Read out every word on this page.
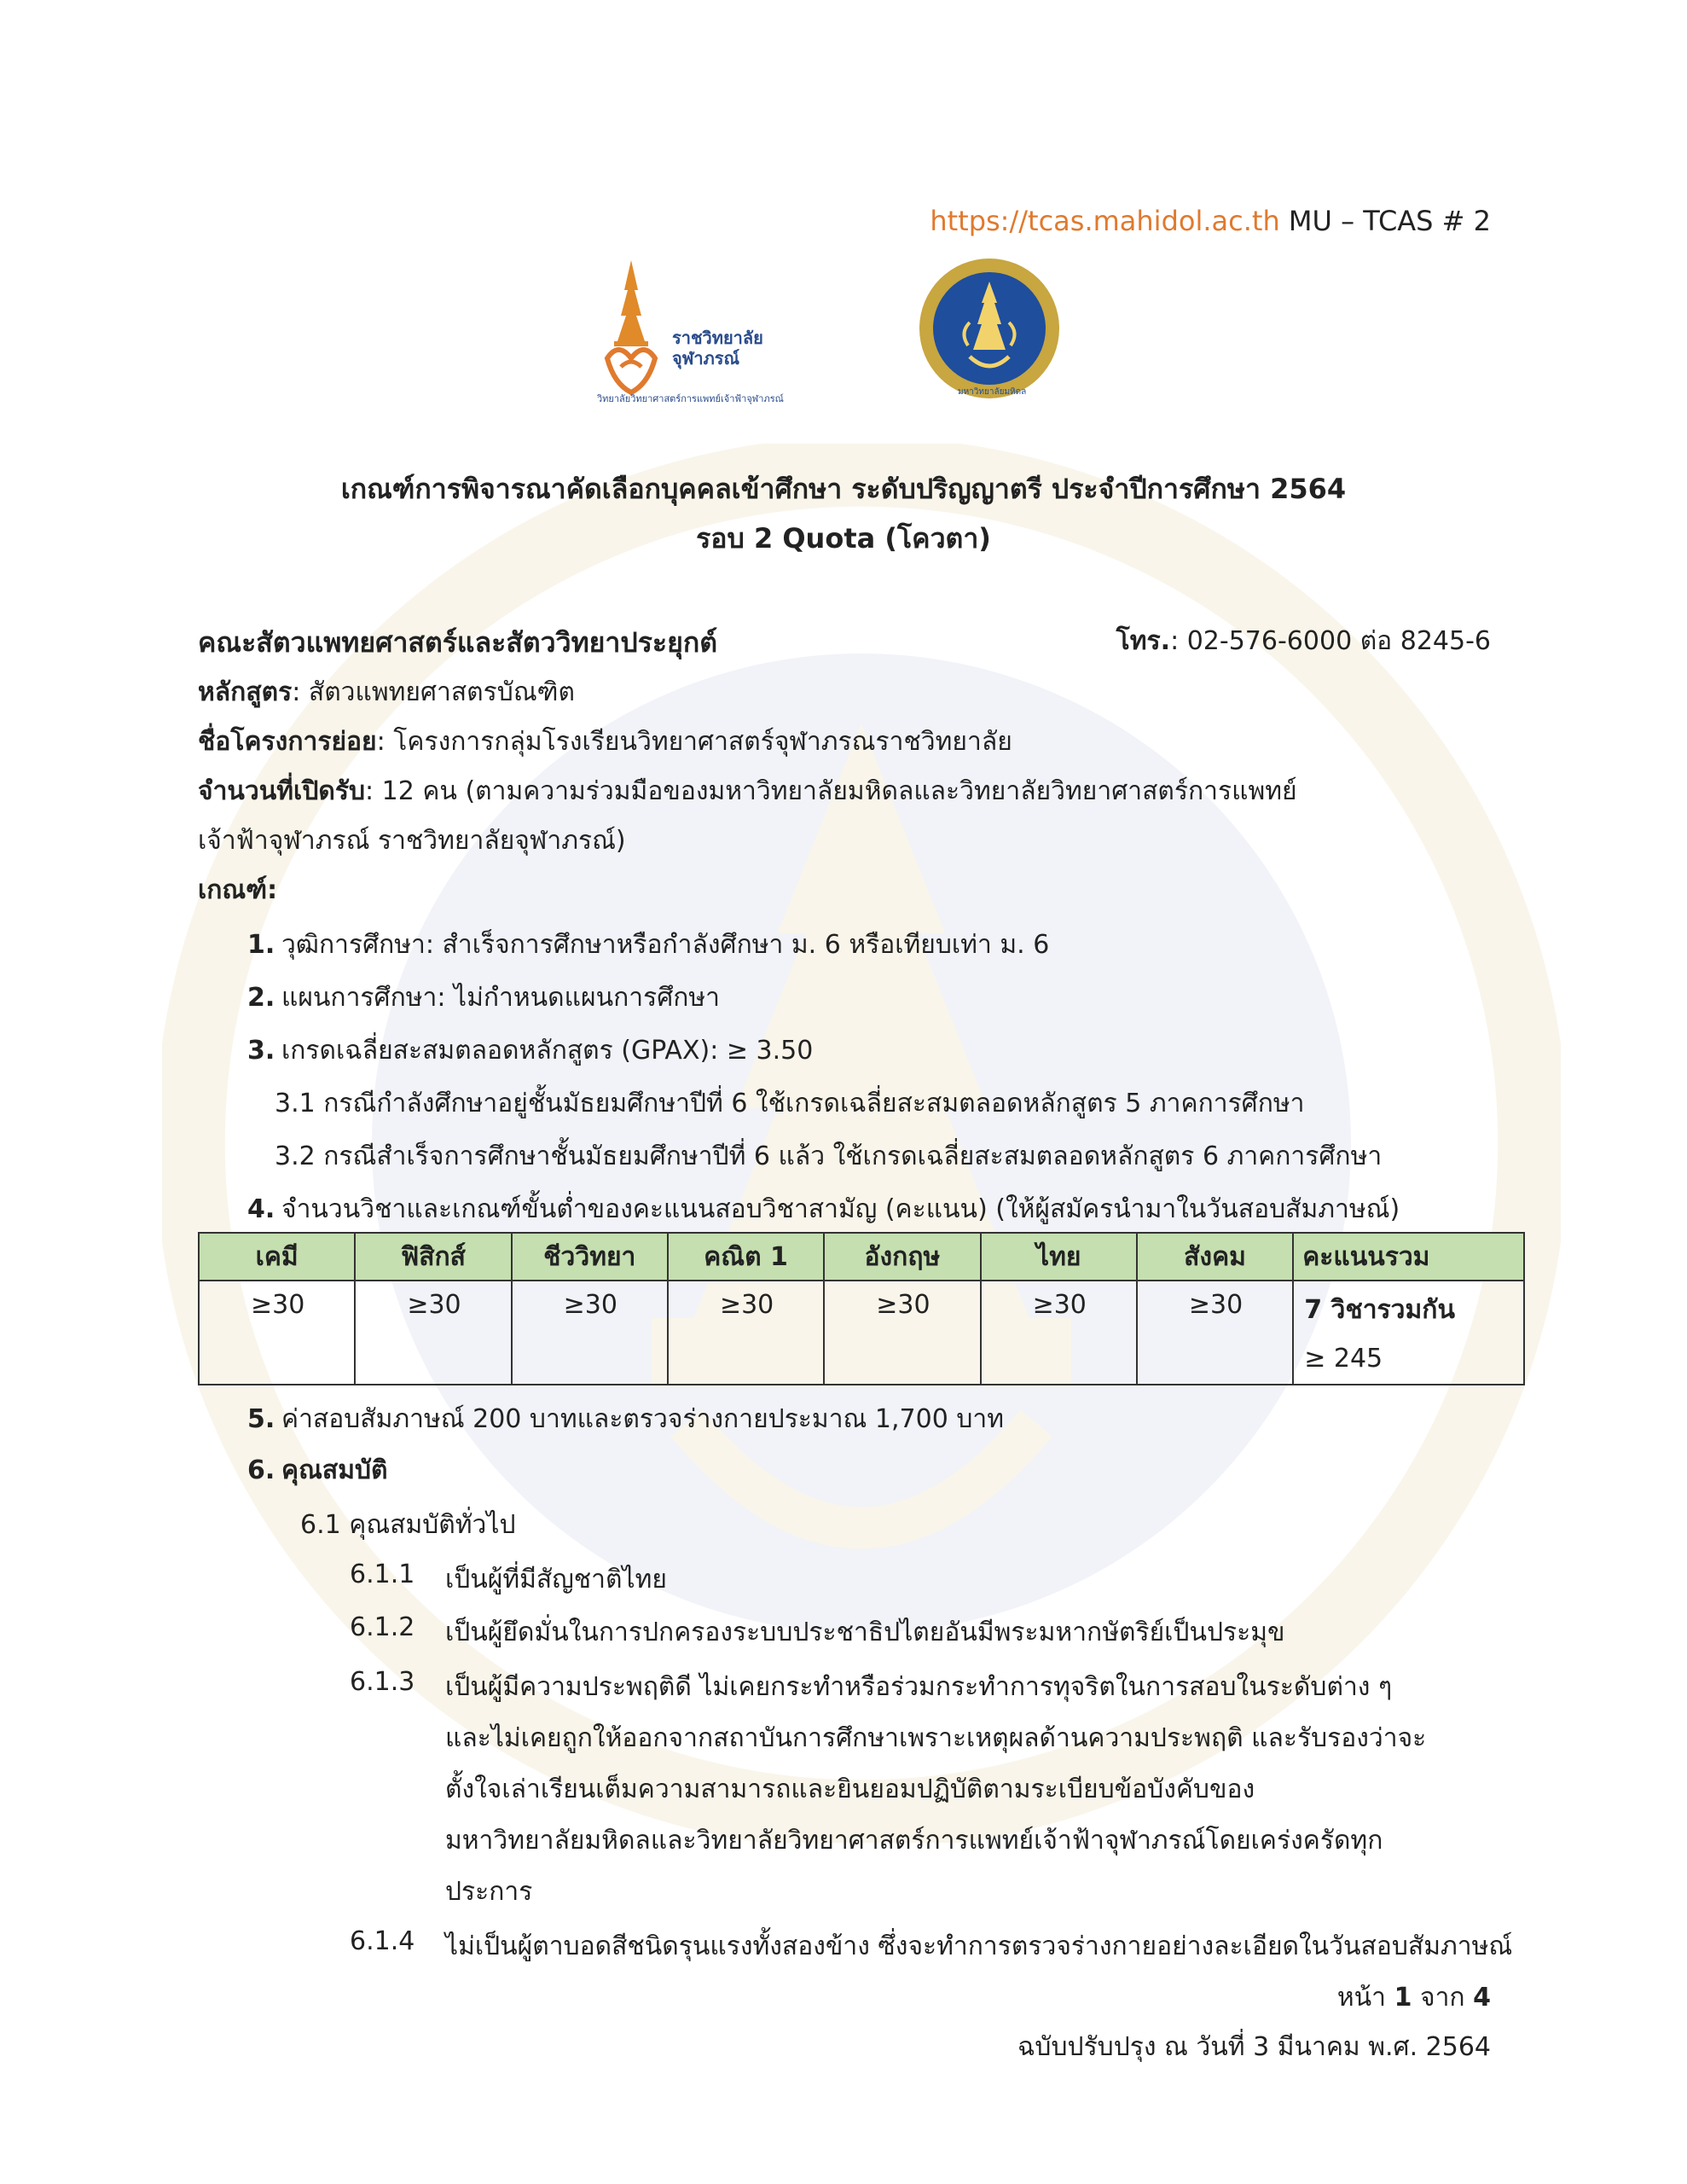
https://tcas.mahidol.ac.th MU – TCAS # 2
ราชวิทยาลัย
จุฬาภรณ์
วิทยาลัยวิทยาศาสตร์การแพทย์เจ้าฟ้าจุฬาภรณ์
มหาวิทยาลัยมหิดล
เกณฑ์การพิจารณาคัดเลือกบุคคลเข้าศึกษา ระดับปริญญาตรี ประจำปีการศึกษา 2564
รอบ 2 Quota (โควตา)
คณะสัตวแพทยศาสตร์และสัตววิทยาประยุกต์	โทร.: 02-576-6000 ต่อ 8245-6
หลักสูตร: สัตวแพทยศาสตรบัณฑิต
ชื่อโครงการย่อย: โครงการกลุ่มโรงเรียนวิทยาศาสตร์จุฬาภรณราชวิทยาลัย
จำนวนที่เปิดรับ: 12 คน (ตามความร่วมมือของมหาวิทยาลัยมหิดลและวิทยาลัยวิทยาศาสตร์การแพทย์
เจ้าฟ้าจุฬาภรณ์ ราชวิทยาลัยจุฬาภรณ์)
เกณฑ์:
1. วุฒิการศึกษา: สำเร็จการศึกษาหรือกำลังศึกษา ม. 6 หรือเทียบเท่า ม. 6
2. แผนการศึกษา: ไม่กำหนดแผนการศึกษา
3. เกรดเฉลี่ยสะสมตลอดหลักสูตร (GPAX): ≥ 3.50
3.1 กรณีกำลังศึกษาอยู่ชั้นมัธยมศึกษาปีที่ 6 ใช้เกรดเฉลี่ยสะสมตลอดหลักสูตร 5 ภาคการศึกษา
3.2 กรณีสำเร็จการศึกษาชั้นมัธยมศึกษาปีที่ 6 แล้ว ใช้เกรดเฉลี่ยสะสมตลอดหลักสูตร 6 ภาคการศึกษา
4. จำนวนวิชาและเกณฑ์ขั้นต่ำของคะแนนสอบวิชาสามัญ (คะแนน) (ให้ผู้สมัครนำมาในวันสอบสัมภาษณ์)
เคมี	ฟิสิกส์	ชีววิทยา	คณิต 1	อังกฤษ	ไทย	สังคม	คะแนนรวม
≥30	≥30	≥30	≥30	≥30	≥30	≥30	7 วิชารวมกัน
≥ 245
5. ค่าสอบสัมภาษณ์ 200 บาทและตรวจร่างกายประมาณ 1,700 บาท
6. คุณสมบัติ
6.1 คุณสมบัติทั่วไป
6.1.1 เป็นผู้ที่มีสัญชาติไทย
6.1.2 เป็นผู้ยึดมั่นในการปกครองระบบประชาธิปไตยอันมีพระมหากษัตริย์เป็นประมุข
6.1.3 เป็นผู้มีความประพฤติดี ไม่เคยกระทำหรือร่วมกระทำการทุจริตในการสอบในระดับต่าง ๆ
และไม่เคยถูกให้ออกจากสถาบันการศึกษาเพราะเหตุผลด้านความประพฤติ และรับรองว่าจะ
ตั้งใจเล่าเรียนเต็มความสามารถและยินยอมปฏิบัติตามระเบียบข้อบังคับของ
มหาวิทยาลัยมหิดลและวิทยาลัยวิทยาศาสตร์การแพทย์เจ้าฟ้าจุฬาภรณ์โดยเคร่งครัดทุก
ประการ
6.1.4 ไม่เป็นผู้ตาบอดสีชนิดรุนแรงทั้งสองข้าง ซึ่งจะทำการตรวจร่างกายอย่างละเอียดในวันสอบสัมภาษณ์
หน้า 1 จาก 4
ฉบับปรับปรุง ณ วันที่ 3 มีนาคม พ.ศ. 2564
